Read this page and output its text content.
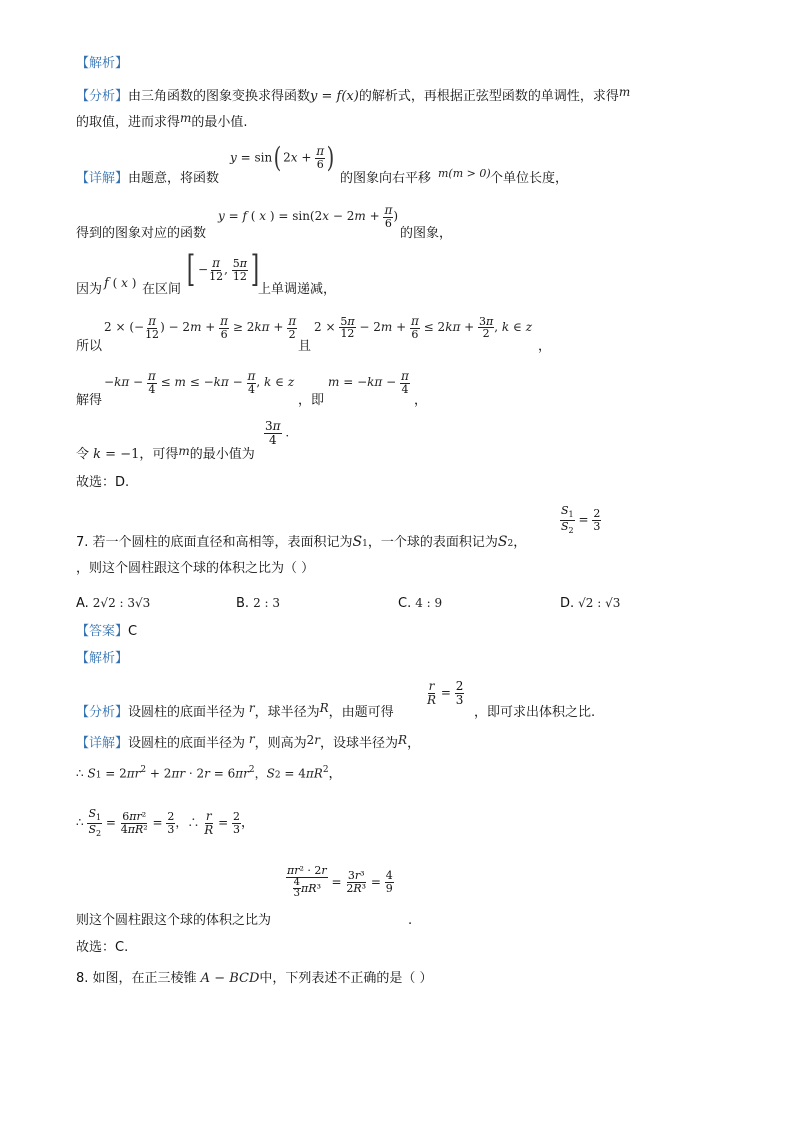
【解析】
【分析】由三角函数的图象变换求得函数y = f(x)的解析式，再根据正弦型函数的单调性，求得m
的取值，进而求得m的最小值.
【详解】由题意，将函数
y = sin( $2x + \frac{\pi}{6}$ )
的图象向右平移 m(m > 0) 个单位长度，
得到的图象对应的函数
y = f ( x ) = $\sin(2x - 2m + \frac{\pi}{6}$ )
的图象，
因为 f ( x ) 在区间 [ − $\frac{\pi}{12}$ , $\frac{5\pi}{12}$ ]
上单调递减，
所以
2 × (− $\frac{\pi}{12}$ ) − $2m + \frac{\pi}{6} \ge 2k\pi + \frac{\pi}{2}$
且
$2 \times \frac{5\pi}{12} - 2m + \frac{\pi}{6} \le 2k\pi + \frac{3\pi}{2}$ , k ∈ z
，
解得
$-k\pi - \frac{\pi}{4} \le m \le -k\pi - \frac{\pi}{4}$ , k ∈ z
，即
$m = -k\pi - \frac{\pi}{4}$
，
令 k = −1，可得m的最小值为
$\frac{3\pi}{4}$ .
故选：D.
7. 若一个圆柱的底面直径和高相等，表面积记为S1，一个球的表面积记为S2，
$\frac{S_1}{S_2} = \frac{2}{3}$
，则这个圆柱跟这个球的体积之比为（ ）
A. 2√2 : 3√3	B. 2 : 3	C. 4 : 9	D. √2 : √3
【答案】C
【解析】
【分析】设圆柱的底面半径为 r，球半径为R，由题可得
$\frac{r}{R} = \frac{2}{3}$
，即可求出体积之比.
【详解】设圆柱的底面半径为 r，则高为2r，设球半径为R，
∴ $S1 = 2\pi r^2 + 2\pi r \cdot 2r = 6\pi r^2$，$S2 = 4\pi R^2$，
∴ $\frac{S_1}{S_2} = \frac{\text{6πr²}}{\text{4πR²}} = \frac{2}{3}$ ，∴ $\frac{r}{R} = \frac{2}{3}$ ，
则这个圆柱跟这个球的体积之比为
$\frac{\text{πr² · 2r}}{\frac{4}{3} \pi R^3} = \frac{\text{3r³}}{\text{2R³}} = \frac{4}{9}$
.
故选：C.
8. 如图，在正三棱锥 A − BCD中，下列表述不正确的是（ ）
